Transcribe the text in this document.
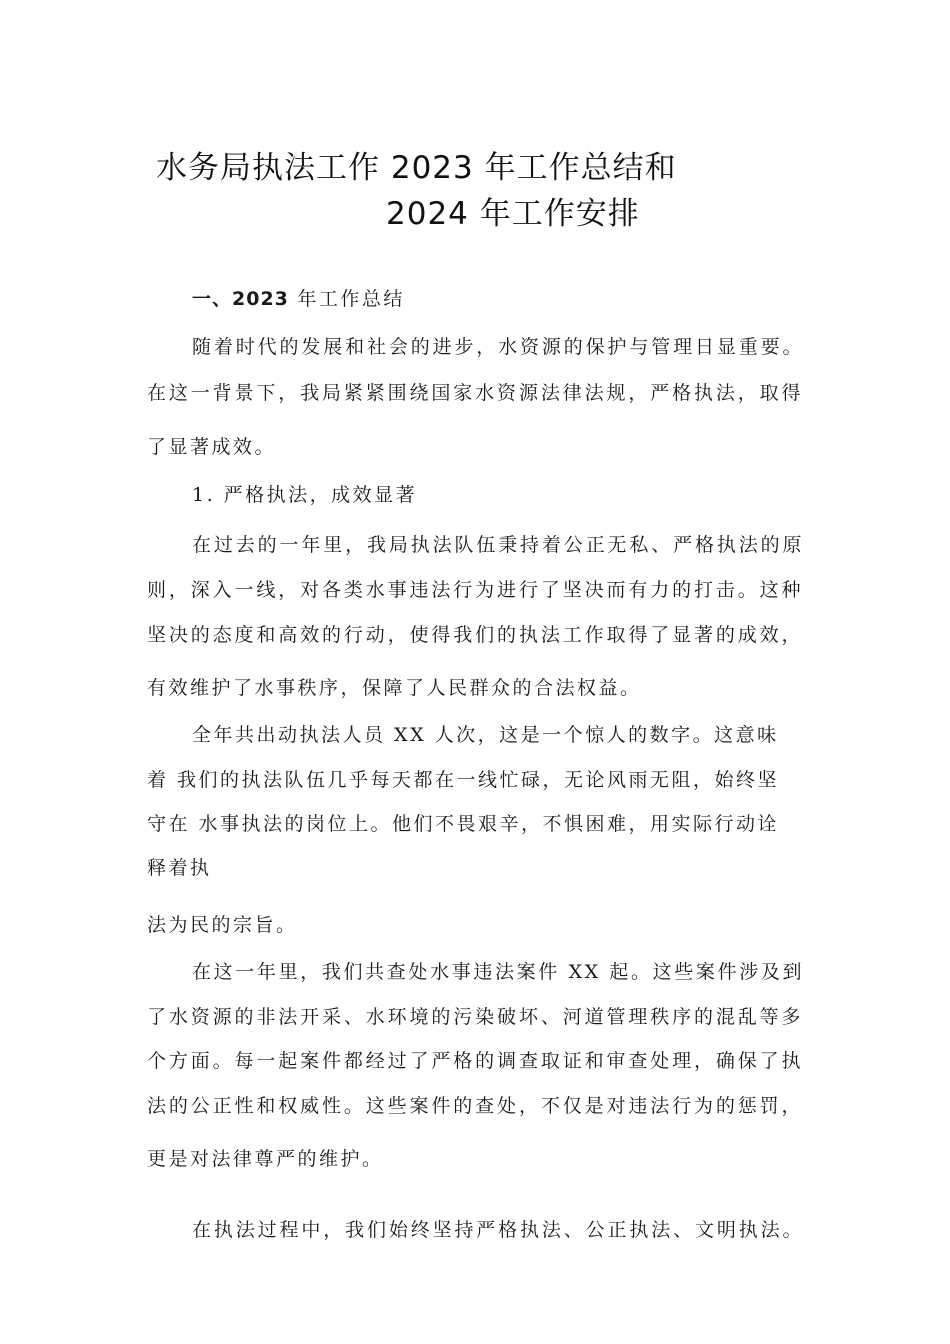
水务局执法工作 2023 年工作总结和
2024 年工作安排
一、2023 年工作总结
随着时代的发展和社会的进步，水资源的保护与管理日显重要。
在这一背景下，我局紧紧围绕国家水资源法律法规，严格执法，取得
了显著成效。
1. 严格执法，成效显著
在过去的一年里，我局执法队伍秉持着公正无私、严格执法的原
则，深入一线，对各类水事违法行为进行了坚决而有力的打击。这种
坚决的态度和高效的行动，使得我们的执法工作取得了显著的成效，
有效维护了水事秩序，保障了人民群众的合法权益。
全年共出动执法人员 XX 人次，这是一个惊人的数字。这意味
着 我们的执法队伍几乎每天都在一线忙碌，无论风雨无阻，始终坚
守在 水事执法的岗位上。他们不畏艰辛，不惧困难，用实际行动诠
释着执
法为民的宗旨。
在这一年里，我们共查处水事违法案件 XX 起。这些案件涉及到
了水资源的非法开采、水环境的污染破坏、河道管理秩序的混乱等多
个方面。每一起案件都经过了严格的调查取证和审查处理，确保了执
法的公正性和权威性。这些案件的查处，不仅是对违法行为的惩罚，
更是对法律尊严的维护。
在执法过程中，我们始终坚持严格执法、公正执法、文明执法。
